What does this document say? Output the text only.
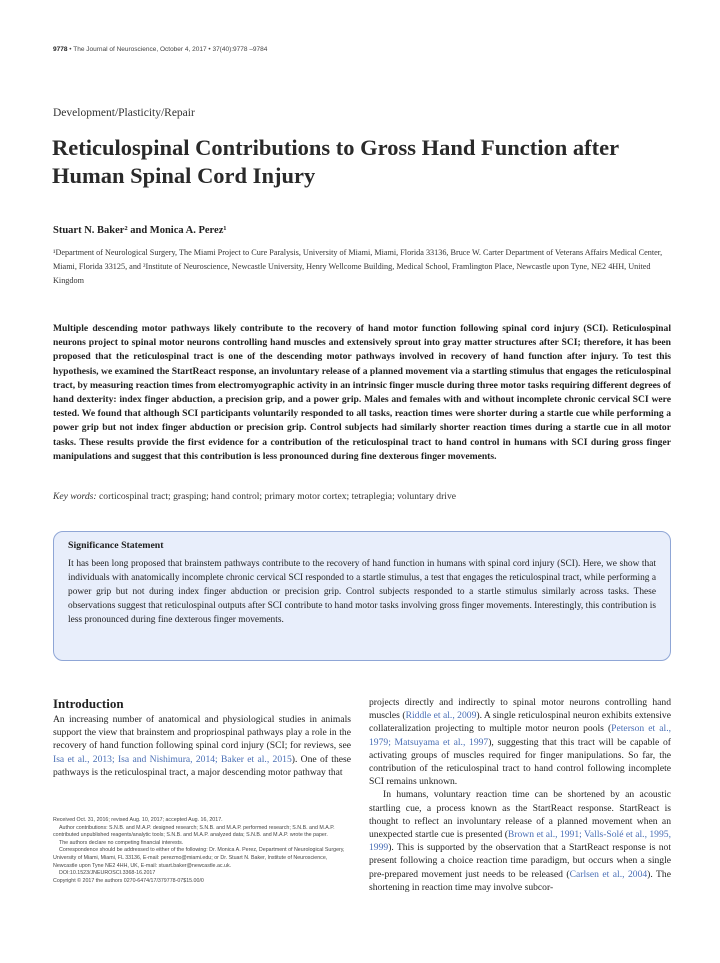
9778 • The Journal of Neuroscience, October 4, 2017 • 37(40):9778 –9784
Development/Plasticity/Repair
Reticulospinal Contributions to Gross Hand Function after
Human Spinal Cord Injury
Stuart N. Baker² and Monica A. Perez¹
¹Department of Neurological Surgery, The Miami Project to Cure Paralysis, University of Miami, Miami, Florida 33136, Bruce W. Carter Department of Veterans Affairs Medical Center, Miami, Florida 33125, and ²Institute of Neuroscience, Newcastle University, Henry Wellcome Building, Medical School, Framlington Place, Newcastle upon Tyne, NE2 4HH, United Kingdom
Multiple descending motor pathways likely contribute to the recovery of hand motor function following spinal cord injury (SCI). Reticulospinal neurons project to spinal motor neurons controlling hand muscles and extensively sprout into gray matter structures after SCI; therefore, it has been proposed that the reticulospinal tract is one of the descending motor pathways involved in recovery of hand function after injury. To test this hypothesis, we examined the StartReact response, an involuntary release of a planned movement via a startling stimulus that engages the reticulospinal tract, by measuring reaction times from electromyographic activity in an intrinsic finger muscle during three motor tasks requiring different degrees of hand dexterity: index finger abduction, a precision grip, and a power grip. Males and females with and without incomplete chronic cervical SCI were tested. We found that although SCI participants voluntarily responded to all tasks, reaction times were shorter during a startle cue while performing a power grip but not index finger abduction or precision grip. Control subjects had similarly shorter reaction times during a startle cue in all motor tasks. These results provide the first evidence for a contribution of the reticulospinal tract to hand control in humans with SCI during gross finger manipulations and suggest that this contribution is less pronounced during fine dexterous finger movements.
Key words: corticospinal tract; grasping; hand control; primary motor cortex; tetraplegia; voluntary drive
Significance Statement
It has been long proposed that brainstem pathways contribute to the recovery of hand function in humans with spinal cord injury (SCI). Here, we show that individuals with anatomically incomplete chronic cervical SCI responded to a startle stimulus, a test that engages the reticulospinal tract, while performing a power grip but not during index finger abduction or precision grip. Control subjects responded to a startle stimulus similarly across tasks. These observations suggest that reticulospinal outputs after SCI contribute to hand motor tasks involving gross finger movements. Interestingly, this contribution is less pronounced during fine dexterous finger movements.
Introduction

An increasing number of anatomical and physiological studies in animals support the view that brainstem and propriospinal pathways play a role in the recovery of hand function following spinal cord injury (SCI; for reviews, see Isa et al., 2013; Isa and Nishimura, 2014; Baker et al., 2015). One of these pathways is the reticulospinal tract, a major descending motor pathway that

Received Oct. 31, 2016; revised Aug. 10, 2017; accepted Aug. 16, 2017.
Author contributions: S.N.B. and M.A.P. designed research; S.N.B. and M.A.P. performed research; S.N.B. and M.A.P. contributed unpublished reagents/analytic tools; S.N.B. and M.A.P. analyzed data; S.N.B. and M.A.P. wrote the paper.
The authors declare no competing financial interests.
Correspondence should be addressed to either of the following: Dr. Monica A. Perez, Department of Neurological Surgery, University of Miami, Miami, FL 33136, E-mail: perezmo@miami.edu; or Dr. Stuart N. Baker, Institute of Neuroscience, Newcastle upon Tyne NE2 4HH, UK, E-mail: stuart.baker@newcastle.ac.uk.
DOI:10.1523/JNEUROSCI.3368-16.2017
Copyright © 2017 the authors 0270-6474/17/379778-07$15.00/0

projects directly and indirectly to spinal motor neurons controlling hand muscles (Riddle et al., 2009). A single reticulospinal neuron exhibits extensive collateralization projecting to multiple motor neuron pools (Peterson et al., 1979; Matsuyama et al., 1997), suggesting that this tract will be capable of activating groups of muscles required for finger manipulations. So far, the contribution of the reticulospinal tract to hand control following incomplete SCI remains unknown.

In humans, voluntary reaction time can be shortened by an acoustic startling cue, a process known as the StartReact response. StartReact is thought to reflect an involuntary release of a planned movement when an unexpected startle cue is presented (Brown et al., 1991; Valls-Solé et al., 1995, 1999). This is supported by the observation that a StartReact response is not present following a choice reaction time paradigm, but occurs when a single pre-prepared movement just needs to be released (Carlsen et al., 2004). The shortening in reaction time may involve subcor-
